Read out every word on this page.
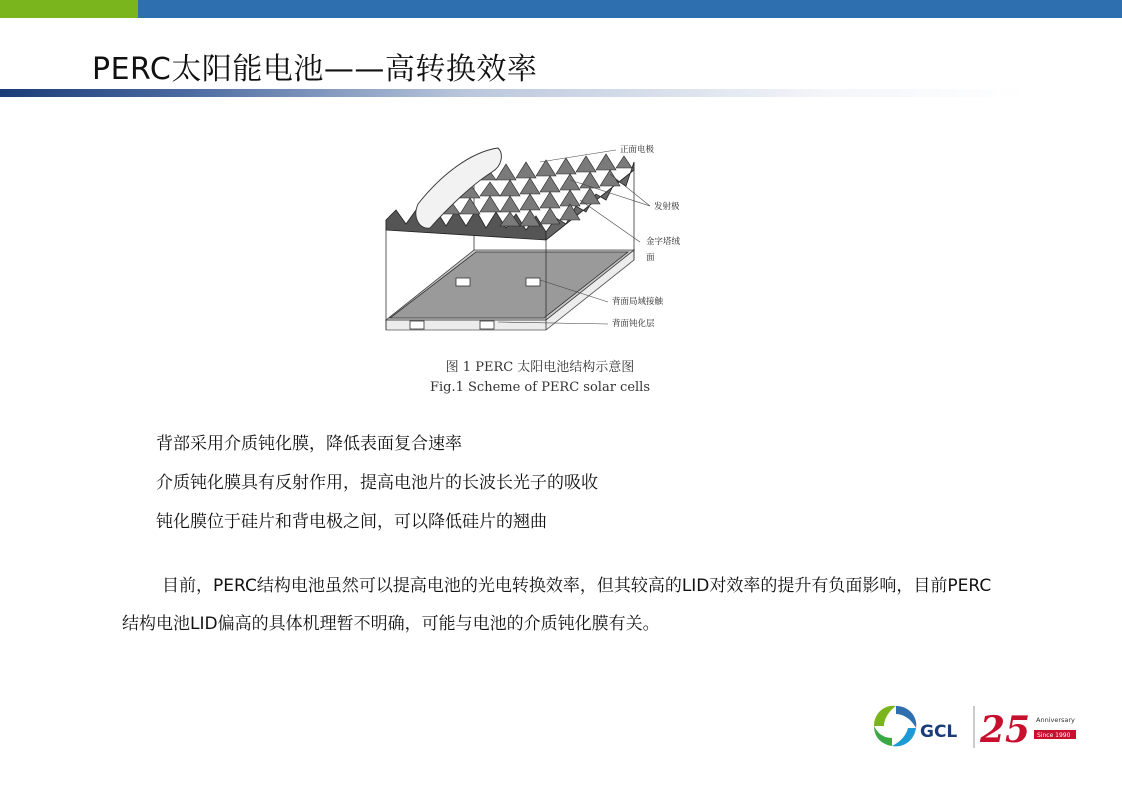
PERC太阳能电池——高转换效率
正面电极
发射极
金字塔绒
面
背面局域接触
背面钝化层
图 1 PERC 太阳电池结构示意图
Fig.1 Scheme of PERC solar cells
背部采用介质钝化膜，降低表面复合速率
介质钝化膜具有反射作用，提高电池片的长波长光子的吸收
钝化膜位于硅片和背电极之间，可以降低硅片的翘曲

目前，PERC结构电池虽然可以提高电池的光电转换效率，但其较高的LID对效率的提升有负面影响，目前PERC结构电池LID偏高的具体机理暂不明确，可能与电池的介质钝化膜有关。

GCL 25 Anniversary
Since 1990
